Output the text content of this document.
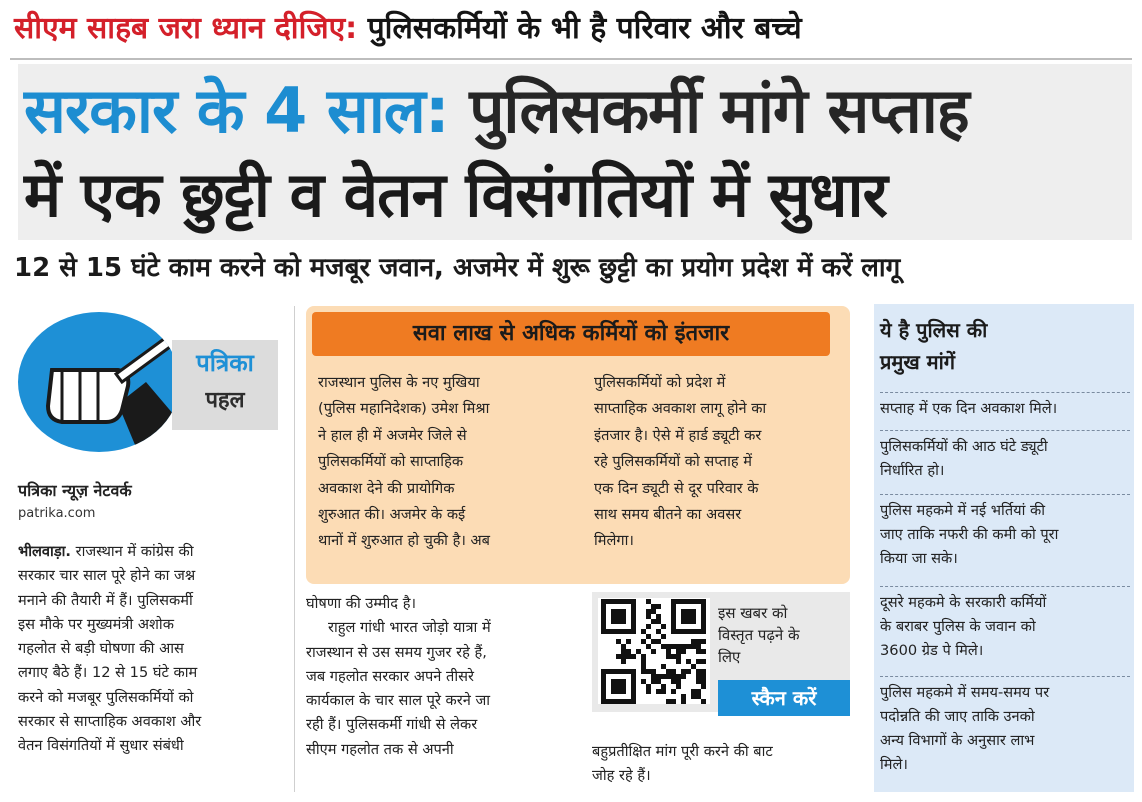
सीएम साहब जरा ध्यान दीजिए: पुलिसकर्मियों के भी है परिवार और बच्चे
सरकार के 4 साल: पुलिसकर्मी मांगे सप्ताह
में एक छुट्टी व वेतन विसंगतियों में सुधार
12 से 15 घंटे काम करने को मजबूर जवान, अजमेर में शुरू छुट्टी का प्रयोग प्रदेश में करें लागू
पत्रिका
पहल
पत्रिका न्यूज़ नेटवर्क
patrika.com
भीलवाड़ा. राजस्थान में कांग्रेस की
सरकार चार साल पूरे होने का जश्न
मनाने की तैयारी में हैं। पुलिसकर्मी
इस मौके पर मुख्यमंत्री अशोक
गहलोत से बड़ी घोषणा की आस
लगाए बैठे हैं। 12 से 15 घंटे काम
करने को मजबूर पुलिसकर्मियों को
सरकार से साप्ताहिक अवकाश और
वेतन विसंगतियों में सुधार संबंधी
सवा लाख से अधिक कर्मियों को इंतजार
राजस्थान पुलिस के नए मुखिया
(पुलिस महानिदेशक) उमेश मिश्रा
ने हाल ही में अजमेर जिले से
पुलिसकर्मियों को साप्ताहिक
अवकाश देने की प्रायोगिक
शुरुआत की। अजमेर के कई
थानों में शुरुआत हो चुकी है। अब
पुलिसकर्मियों को प्रदेश में
साप्ताहिक अवकाश लागू होने का
इंतजार है। ऐसे में हार्ड ड्यूटी कर
रहे पुलिसकर्मियों को सप्ताह में
एक दिन ड्यूटी से दूर परिवार के
साथ समय बीतने का अवसर
मिलेगा।
घोषणा की उम्मीद है।
राहुल गांधी भारत जोड़ो यात्रा में
राजस्थान से उस समय गुजर रहे हैं,
जब गहलोत सरकार अपने तीसरे
कार्यकाल के चार साल पूरे करने जा
रही हैं। पुलिसकर्मी गांधी से लेकर
सीएम गहलोत तक से अपनी
इस खबर को
विस्तृत पढ़ने के
लिए
स्कैन करें
बहुप्रतीक्षित मांग पूरी करने की बाट
जोह रहे हैं।
ये है पुलिस की
प्रमुख मांगें
सप्ताह में एक दिन अवकाश मिले।
पुलिसकर्मियों की आठ घंटे ड्यूटी
निर्धारित हो।
पुलिस महकमे में नई भर्तियां की
जाए ताकि नफरी की कमी को पूरा
किया जा सके।
दूसरे महकमे के सरकारी कर्मियों
के बराबर पुलिस के जवान को
3600 ग्रेड पे मिले।
पुलिस महकमे में समय-समय पर
पदोन्नति की जाए ताकि उनको
अन्य विभागों के अनुसार लाभ
मिले।
